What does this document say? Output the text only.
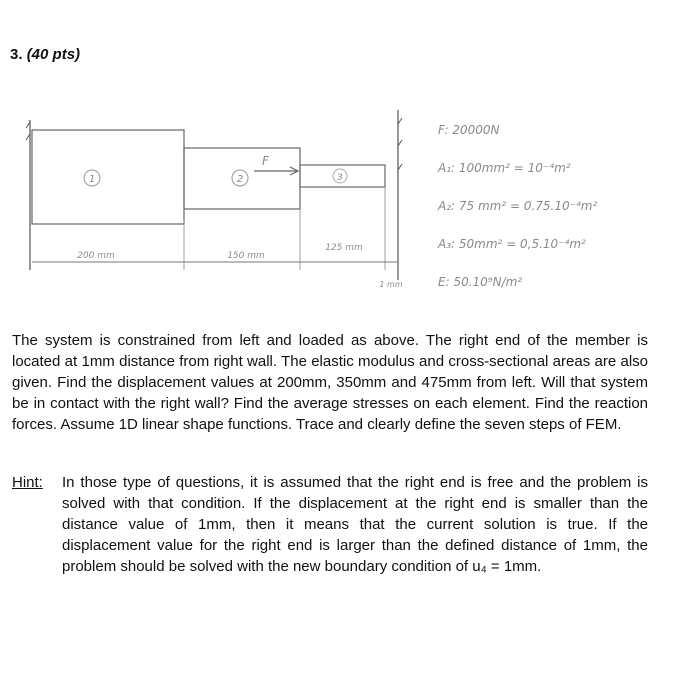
3. (40 pts)
1	2	3
F
200 mm	150 mm
125 mm
1 mm
F: 20000N
A₁: 100mm² = 10⁻⁴m²
A₂: 75 mm² = 0.75.10⁻⁴m²
A₃: 50mm² = 0,5.10⁻⁴m²
E: 50.10⁹N/m²
The system is constrained from left and loaded as above. The right end of the member is located at 1mm distance from right wall. The elastic modulus and cross-sectional areas are also given. Find the displacement values at 200mm, 350mm and 475mm from left. Will that system be in contact with the right wall? Find the average stresses on each element. Find the reaction forces. Assume 1D linear shape functions. Trace and clearly define the seven steps of FEM.
Hint: In those type of questions, it is assumed that the right end is free and the problem is solved with that condition. If the displacement at the right end is smaller than the distance value of 1mm, then it means that the current solution is true. If the displacement value for the right end is larger than the defined distance of 1mm, the problem should be solved with the new boundary condition of u₄ = 1mm.
